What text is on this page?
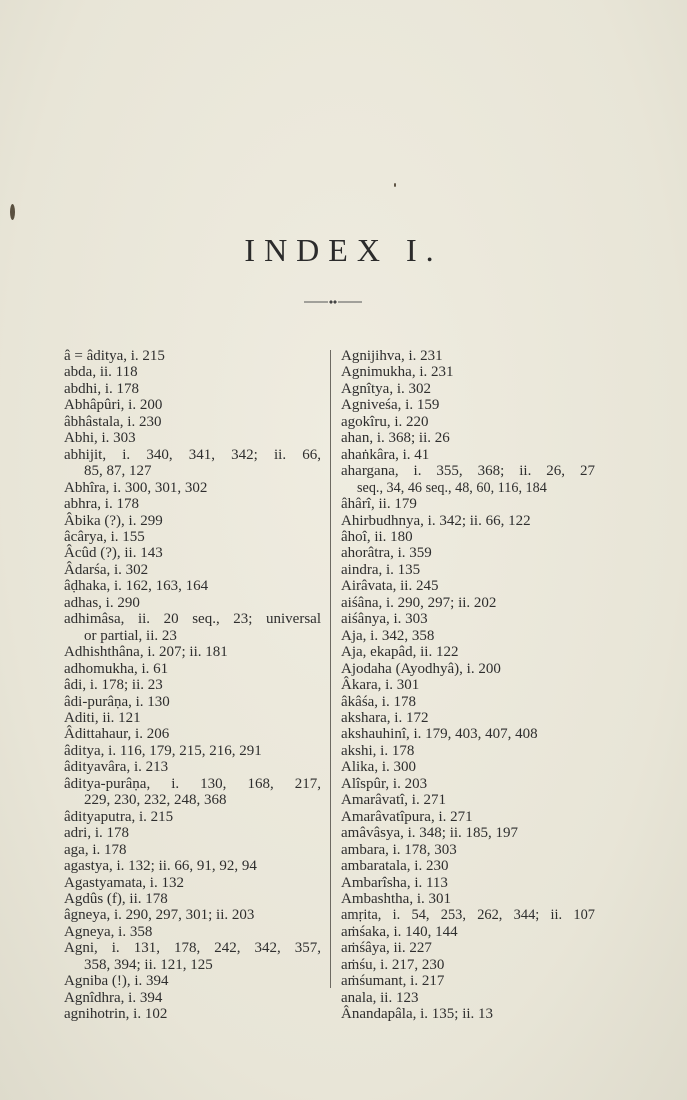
INDEX I.
â = âditya, i. 215
abda, ii. 118
abdhi, i. 178
Abhâpûri, i. 200
âbhâstala, i. 230
Abhi, i. 303
abhijit, i. 340, 341, 342; ii. 66,
85, 87, 127
Abhîra, i. 300, 301, 302
abhra, i. 178
Âbika (?), i. 299
âcârya, i. 155
Âcûd (?), ii. 143
Âdarśa, i. 302
âḍhaka, i. 162, 163, 164
adhas, i. 290
adhimâsa, ii. 20 seq., 23; universal
or partial, ii. 23
Adhishthâna, i. 207; ii. 181
adhomukha, i. 61
âdi, i. 178; ii. 23
âdi-purâṇa, i. 130
Aditi, ii. 121
Âdittahaur, i. 206
âditya, i. 116, 179, 215, 216, 291
âdityavâra, i. 213
âditya-purâṇa, i. 130, 168, 217,
229, 230, 232, 248, 368
âdityaputra, i. 215
adri, i. 178
aga, i. 178
agastya, i. 132; ii. 66, 91, 92, 94
Agastyamata, i. 132
Agdûs (f), ii. 178
âgneya, i. 290, 297, 301; ii. 203
Agneya, i. 358
Agni, i. 131, 178, 242, 342, 357,
358, 394; ii. 121, 125
Agniba (!), i. 394
Agnîdhra, i. 394
agnihotrin, i. 102
Agnijihva, i. 231
Agnimukha, i. 231
Agnîtya, i. 302
Agniveśa, i. 159
agokîru, i. 220
ahan, i. 368; ii. 26
ahaṅkâra, i. 41
ahargana, i. 355, 368; ii. 26, 27
seq., 34, 46 seq., 48, 60, 116, 184
âhârî, ii. 179
Ahirbudhnya, i. 342; ii. 66, 122
âhoî, ii. 180
ahorâtra, i. 359
aindra, i. 135
Airâvata, ii. 245
aiśâna, i. 290, 297; ii. 202
aiśânya, i. 303
Aja, i. 342, 358
Aja, ekapâd, ii. 122
Ajodaha (Ayodhyâ), i. 200
Âkara, i. 301
âkâśa, i. 178
akshara, i. 172
akshauhinî, i. 179, 403, 407, 408
akshi, i. 178
Alika, i. 300
Alîspûr, i. 203
Amarâvatî, i. 271
Amarâvatîpura, i. 271
amâvâsya, i. 348; ii. 185, 197
ambara, i. 178, 303
ambaratala, i. 230
Ambarîsha, i. 113
Ambashtha, i. 301
amṛita, i. 54, 253, 262, 344; ii. 107
aṁśaka, i. 140, 144
aṁśâya, ii. 227
aṁśu, i. 217, 230
aṁśumant, i. 217
anala, ii. 123
Ânandapâla, i. 135; ii. 13
